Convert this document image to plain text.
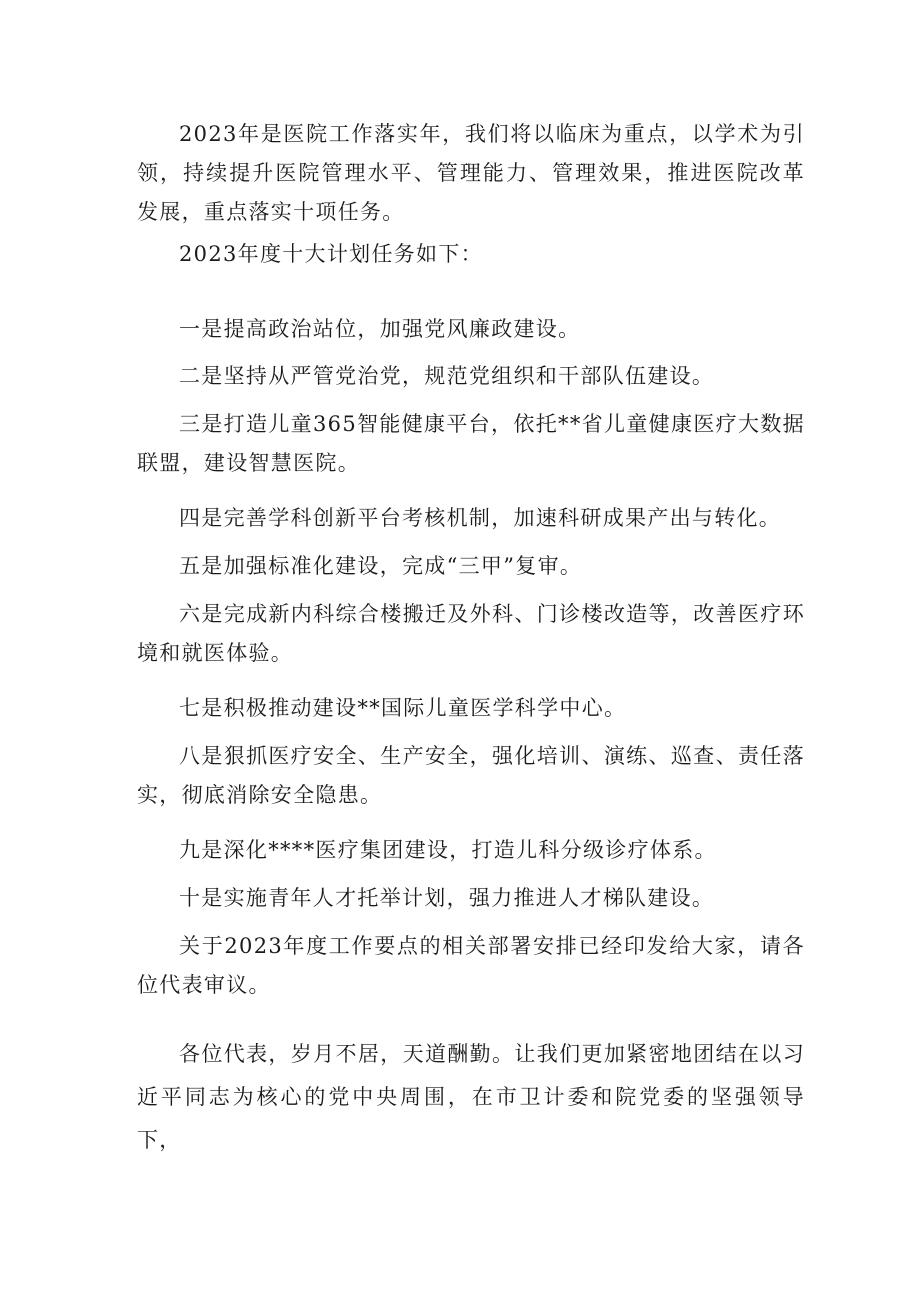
2023年是医院工作落实年，我们将以临床为重点，以学术为引领，持续提升医院管理水平、管理能力、管理效果，推进医院改革发展，重点落实十项任务。

2023年度十大计划任务如下：

一是提高政治站位，加强党风廉政建设。

二是坚持从严管党治党，规范党组织和干部队伍建设。

三是打造儿童365智能健康平台，依托**省儿童健康医疗大数据联盟，建设智慧医院。

四是完善学科创新平台考核机制，加速科研成果产出与转化。

五是加强标准化建设，完成“三甲”复审。

六是完成新内科综合楼搬迁及外科、门诊楼改造等，改善医疗环境和就医体验。

七是积极推动建设**国际儿童医学科学中心。

八是狠抓医疗安全、生产安全，强化培训、演练、巡查、责任落实，彻底消除安全隐患。

九是深化****医疗集团建设，打造儿科分级诊疗体系。

十是实施青年人才托举计划，强力推进人才梯队建设。

关于2023年度工作要点的相关部署安排已经印发给大家，请各位代表审议。

各位代表，岁月不居，天道酬勤。让我们更加紧密地团结在以习近平同志为核心的党中央周围，在市卫计委和院党委的坚强领导下，
